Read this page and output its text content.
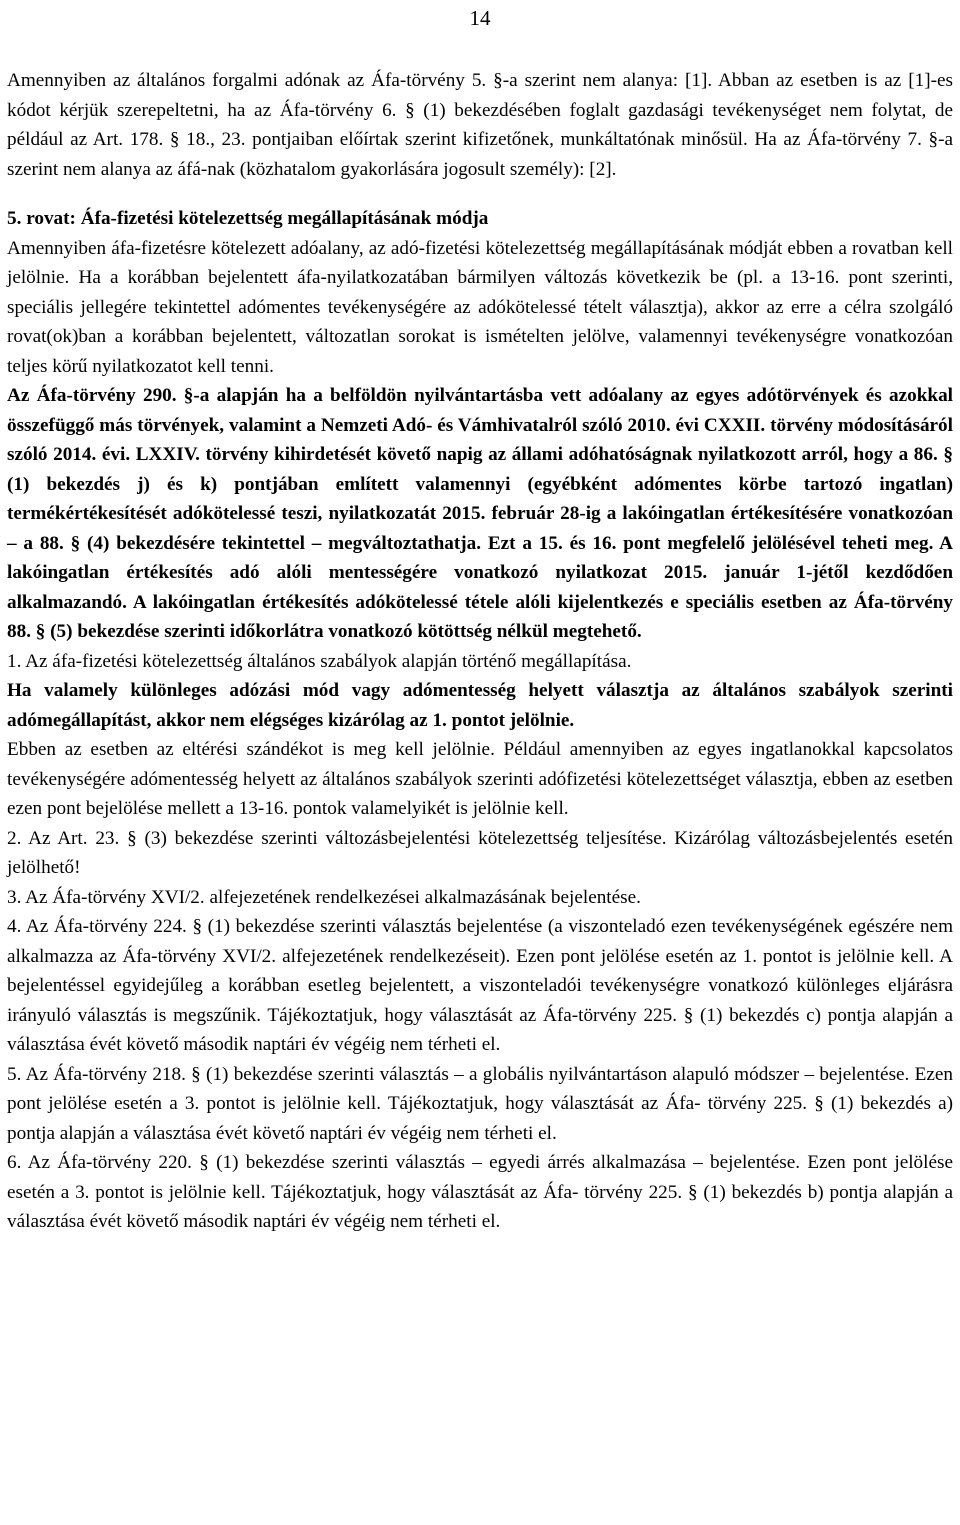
14

Amennyiben az általános forgalmi adónak az Áfa-törvény 5. §-a szerint nem alanya: [1]. Abban az esetben is az [1]-es kódot kérjük szerepeltetni, ha az Áfa-törvény 6. § (1) bekezdésében foglalt gazdasági tevékenységet nem folytat, de például az Art. 178. § 18., 23. pontjaiban előírtak szerint kifizetőnek, munkáltatónak minősül. Ha az Áfa-törvény 7. §-a szerint nem alanya az áfá-nak (közhatalom gyakorlására jogosult személy): [2].

5. rovat: Áfa-fizetési kötelezettség megállapításának módja

Amennyiben áfa-fizetésre kötelezett adóalany, az adó-fizetési kötelezettség megállapításának módját ebben a rovatban kell jelölnie. Ha a korábban bejelentett áfa-nyilatkozatában bármilyen változás következik be (pl. a 13-16. pont szerinti, speciális jellegére tekintettel adómentes tevékenységére az adókötelessé tételt választja), akkor az erre a célra szolgáló rovat(ok)ban a korábban bejelentett, változatlan sorokat is ismételten jelölve, valamennyi tevékenységre vonatkozóan teljes körű nyilatkozatot kell tenni.

Az Áfa-törvény 290. §-a alapján ha a belföldön nyilvántartásba vett adóalany az egyes adótörvények és azokkal összefüggő más törvények, valamint a Nemzeti Adó- és Vámhivatalról szóló 2010. évi CXXII. törvény módosításáról szóló 2014. évi. LXXIV. törvény kihirdetését követő napig az állami adóhatóságnak nyilatkozott arról, hogy a 86. § (1) bekezdés j) és k) pontjában említett valamennyi (egyébként adómentes körbe tartozó ingatlan) termékértékesítését adókötelessé teszi, nyilatkozatát 2015. február 28-ig a lakóingatlan értékesítésére vonatkozóan – a 88. § (4) bekezdésére tekintettel – megváltoztathatja. Ezt a 15. és 16. pont megfelelő jelölésével teheti meg. A lakóingatlan értékesítés adó alóli mentességére vonatkozó nyilatkozat 2015. január 1-jétől kezdődően alkalmazandó. A lakóingatlan értékesítés adókötelessé tétele alóli kijelentkezés e speciális esetben az Áfa-törvény 88. § (5) bekezdése szerinti időkorlátra vonatkozó kötöttség nélkül megtehető.

1. Az áfa-fizetési kötelezettség általános szabályok alapján történő megállapítása.

Ha valamely különleges adózási mód vagy adómentesség helyett választja az általános szabályok szerinti adómegállapítást, akkor nem elégséges kizárólag az 1. pontot jelölnie.

Ebben az esetben az eltérési szándékot is meg kell jelölnie. Például amennyiben az egyes ingatlanokkal kapcsolatos tevékenységére adómentesség helyett az általános szabályok szerinti adófizetési kötelezettséget választja, ebben az esetben ezen pont bejelölése mellett a 13-16. pontok valamelyikét is jelölnie kell.

2. Az Art. 23. § (3) bekezdése szerinti változásbejelentési kötelezettség teljesítése. Kizárólag változásbejelentés esetén jelölhető!

3. Az Áfa-törvény XVI/2. alfejezetének rendelkezései alkalmazásának bejelentése.

4. Az Áfa-törvény 224. § (1) bekezdése szerinti választás bejelentése (a viszonteladó ezen tevékenységének egészére nem alkalmazza az Áfa-törvény XVI/2. alfejezetének rendelkezéseit). Ezen pont jelölése esetén az 1. pontot is jelölnie kell. A bejelentéssel egyidejűleg a korábban esetleg bejelentett, a viszonteladói tevékenységre vonatkozó különleges eljárásra irányuló választás is megszűnik. Tájékoztatjuk, hogy választását az Áfa-törvény 225. § (1) bekezdés c) pontja alapján a választása évét követő második naptári év végéig nem térheti el.

5. Az Áfa-törvény 218. § (1) bekezdése szerinti választás – a globális nyilvántartáson alapuló módszer – bejelentése. Ezen pont jelölése esetén a 3. pontot is jelölnie kell. Tájékoztatjuk, hogy választását az Áfa- törvény 225. § (1) bekezdés a) pontja alapján a választása évét követő naptári év végéig nem térheti el.

6. Az Áfa-törvény 220. § (1) bekezdése szerinti választás – egyedi árrés alkalmazása – bejelentése. Ezen pont jelölése esetén a 3. pontot is jelölnie kell. Tájékoztatjuk, hogy választását az Áfa- törvény 225. § (1) bekezdés b) pontja alapján a választása évét követő második naptári év végéig nem térheti el.
